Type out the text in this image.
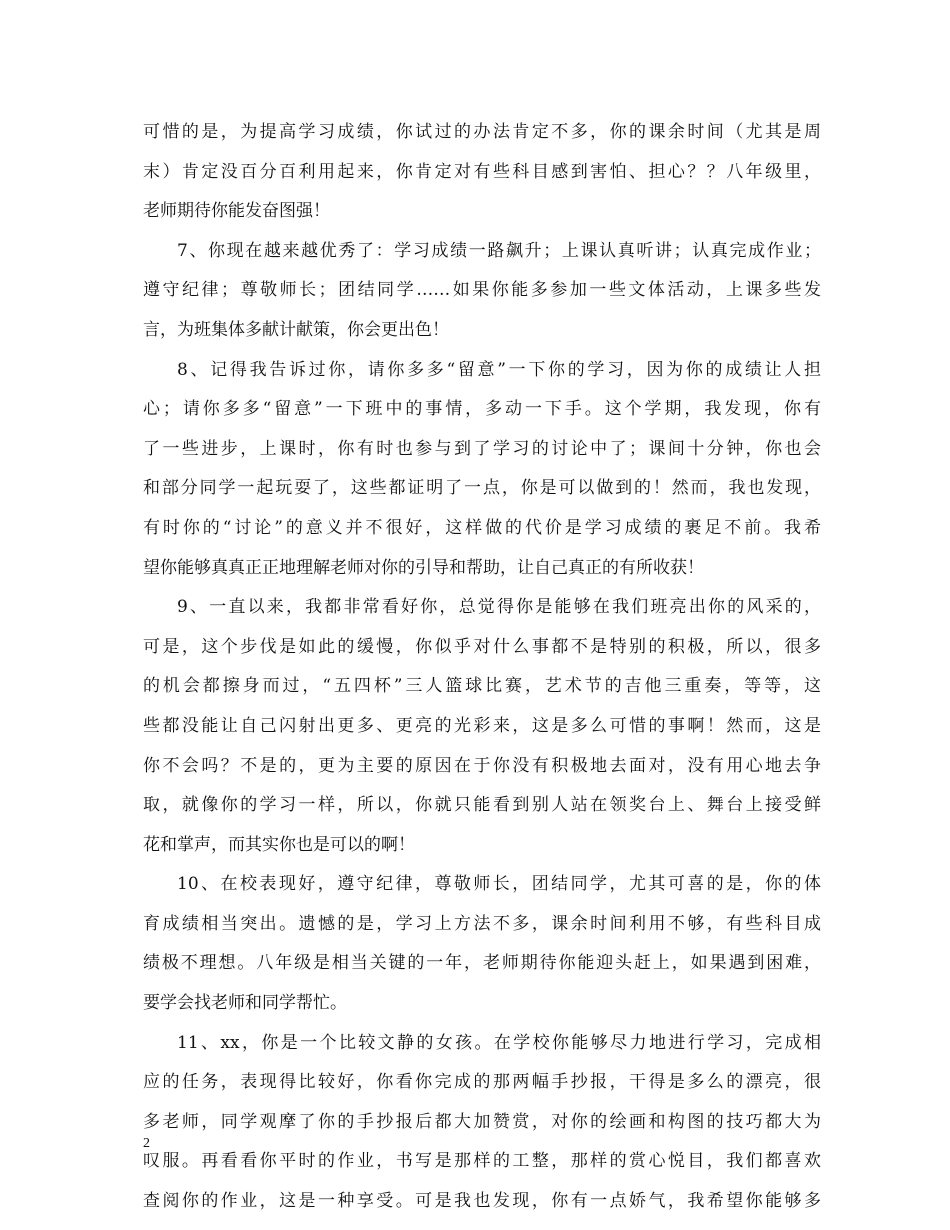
可惜的是，为提高学习成绩，你试过的办法肯定不多，你的课余时间（尤其是周
末）肯定没百分百利用起来，你肯定对有些科目感到害怕、担心？？八年级里，
老师期待你能发奋图强！
7、你现在越来越优秀了：学习成绩一路飙升；上课认真听讲；认真完成作业；
遵守纪律；尊敬师长；团结同学……如果你能多参加一些文体活动，上课多些发
言，为班集体多献计献策，你会更出色！
8、记得我告诉过你，请你多多“留意”一下你的学习，因为你的成绩让人担
心；请你多多“留意”一下班中的事情，多动一下手。这个学期，我发现，你有
了一些进步，上课时，你有时也参与到了学习的讨论中了；课间十分钟，你也会
和部分同学一起玩耍了，这些都证明了一点，你是可以做到的！然而，我也发现，
有时你的“讨论”的意义并不很好，这样做的代价是学习成绩的裹足不前。我希
望你能够真真正正地理解老师对你的引导和帮助，让自己真正的有所收获！
9、一直以来，我都非常看好你，总觉得你是能够在我们班亮出你的风采的，
可是，这个步伐是如此的缓慢，你似乎对什么事都不是特别的积极，所以，很多
的机会都擦身而过，“五四杯”三人篮球比赛，艺术节的吉他三重奏，等等，这
些都没能让自己闪射出更多、更亮的光彩来，这是多么可惜的事啊！然而，这是
你不会吗？不是的，更为主要的原因在于你没有积极地去面对，没有用心地去争
取，就像你的学习一样，所以，你就只能看到别人站在领奖台上、舞台上接受鲜
花和掌声，而其实你也是可以的啊！
10、在校表现好，遵守纪律，尊敬师长，团结同学，尤其可喜的是，你的体
育成绩相当突出。遗憾的是，学习上方法不多，课余时间利用不够，有些科目成
绩极不理想。八年级是相当关键的一年，老师期待你能迎头赶上，如果遇到困难，
要学会找老师和同学帮忙。
11、xx，你是一个比较文静的女孩。在学校你能够尽力地进行学习，完成相
应的任务，表现得比较好，你看你完成的那两幅手抄报，干得是多么的漂亮，很
多老师，同学观摩了你的手抄报后都大加赞赏，对你的绘画和构图的技巧都大为
叹服。再看看你平时的作业，书写是那样的工整，那样的赏心悦目，我们都喜欢
查阅你的作业，这是一种享受。可是我也发现，你有一点娇气，我希望你能够多
2
